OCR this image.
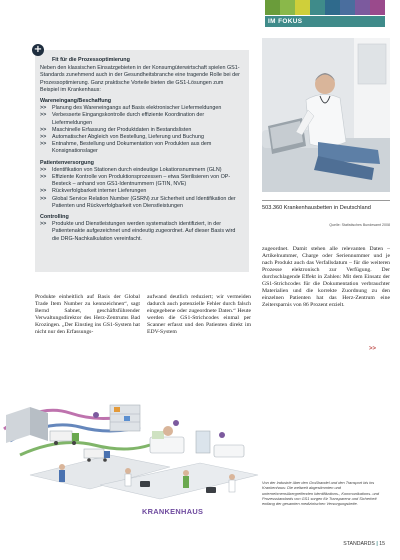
IM FOKUS
Fit für die Prozessoptimierung
Neben den klassischen Einsatzgebieten in der Konsumgüterwirtschaft spielen GS1-Standards zunehmend auch in der Gesundheitsbranche eine tragende Rolle bei der Prozessoptimierung. Ganz praktische Vorteile bieten die GS1-Lösungen zum Beispiel im Krankenhaus:
Wareneingang/Beschaffung
>> Planung des Wareneingangs auf Basis elektronischer Liefermeldungen
>> Verbesserte Eingangskontrolle durch effiziente Koordination der Liefermeldungen
>> Maschinelle Erfassung der Produktdaten in Bestandslisten
>> Automatischer Abgleich von Bestellung, Lieferung und Buchung
>> Entnahme, Bestellung und Dokumentation von Produkten aus dem Konsignationslager
Patientenversorgung
>> Identifikation von Stationen durch eindeutige Lokationsnummern (GLN)
>> Effiziente Kontrolle von Produktionsprozessen – etwa Sterilisieren von OP-Besteck – anhand von GS1-Identnummern (GTIN, NVE)
>> Rückverfolgbarkeit interner Lieferungen
>> Global Service Relation Number (GSRN) zur Sicherheit und Identifikation der Patienten und Rückverfolgbarkeit von Dienstleistungen
Controlling
>> Produkte und Dienstleistungen werden systematisch identifiziert, in der Patientenakte aufgezeichnet und eindeutig zugeordnet. Auf dieser Basis wird die DRG-Nachkalkulation vereinfacht.
+
503.360 Krankenhausbetten in Deutschland
Quelle: Statistisches Bundesamt 2008
Produkte einheitlich auf Basis der Global Trade Item Number zu kennzeichnen“, sagt Bernd Sabnet, geschäftsführender Verwaltungsdirektor des Herz-Zentrums Bad Krozingen. „Der Einstieg ins GS1-System hat nicht nur den Erfassungs-
aufwand deutlich reduziert; wir vermeiden dadurch auch potenzielle Fehler durch falsch eingegebene oder zugeordnete Daten.“ Heute werden die GS1-Strichcodes einmal per Scanner erfasst und den Patienten direkt im EDV-System
zugeordnet. Damit stehen alle relevanten Daten – Artikelnummer, Charge oder Seriennummer und je nach Produkt auch das Verfallsdatum – für die weiteren Prozesse elektronisch zur Verfügung. Der durchschlagende Effekt in Zahlen: Mit dem Einsatz der GS1-Strichcodes für die Dokumentation verbrauchter Materialien und die korrekte Zuordnung zu den einzelnen Patienten hat das Herz-Zentrum eine Zeitersparnis von 86 Prozent erzielt.
>>
KRANKENHAUS
Von der Industrie über den Großhandel und den Transport bis ins Krankenhaus: Die weltweit abgestimmten und unternehmensübergreifenden Identifikations-, Kommunikations- und Prozessstandards von GS1 sorgen für Transparenz und Sicherheit entlang der gesamten medizinischen Versorgungskette.
STANDARDS | 15
